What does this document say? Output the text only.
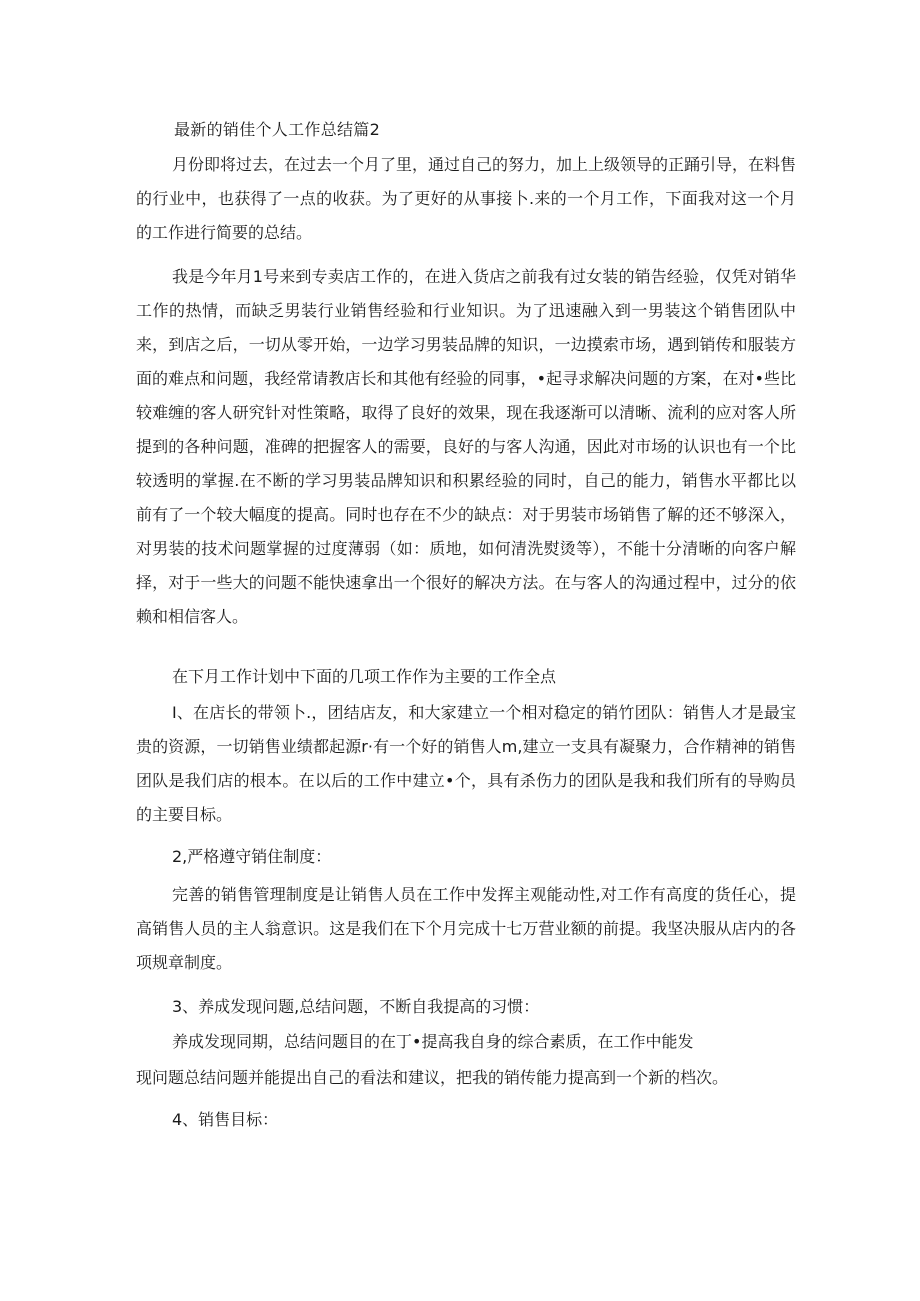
最新的销佳个人工作总结篇2

月份即将过去，在过去一个月了里，通过自己的努力，加上上级领导的正踊引导，在料售的行业中，也获得了一点的收获。为了更好的从事接卜.来的一个月工作，下面我对这一个月的工作进行简要的总结。

我是今年月1号来到专卖店工作的，在进入货店之前我有过女装的销告经验，仅凭对销华工作的热情，而缺乏男装行业销售经验和行业知识。为了迅速融入到一男装这个销售团队中来，到店之后，一切从零开始，一边学习男装品牌的知识，一边摸索市场，遇到销传和服装方面的难点和问题，我经常请教店长和其他有经验的同事，•起寻求解决问题的方案，在对•些比较难缠的客人研究针对性策略，取得了良好的效果，现在我逐渐可以清晰、流利的应对客人所提到的各种问题，准碑的把握客人的需要，良好的与客人沟通，因此对市场的认识也有一个比较透明的掌握.在不断的学习男装品牌知识和积累经验的同时，自己的能力，销售水平都比以前有了一个较大幅度的提高。同时也存在不少的缺点：对于男装市场销售了解的还不够深入，对男装的技术问题掌握的过度薄弱（如：质地，如何清洗熨烫等），不能十分清晰的向客户解择，对于一些大的问题不能快速拿出一个很好的解决方法。在与客人的沟通过程中，过分的依赖和相信客人。

在下月工作计划中下面的几项工作作为主要的工作全点

I、在店长的带领卜.，团结店友，和大家建立一个相对稳定的销竹团队：销售人才是最宝贵的资源，一切销售业绩都起源r·有一个好的销售人m,建立一支具有凝聚力，合作精神的销售团队是我们店的根本。在以后的工作中建立•个，具有杀伤力的团队是我和我们所有的导购员的主要目标。

2,严格遵守销住制度：

完善的销售管理制度是让销售人员在工作中发挥主观能动性,对工作有高度的货任心，提高销售人员的主人翁意识。这是我们在下个月完成十七万营业额的前提。我坚决服从店内的各项规章制度。

3、养成发现问题,总结问题，不断自我提高的习惯：

养成发现同期，总结问题目的在丁•提高我自身的综合素质，在工作中能发
现问题总结问题并能提出自己的看法和建议，把我的销传能力提高到一个新的档次。
4、销售目标：
